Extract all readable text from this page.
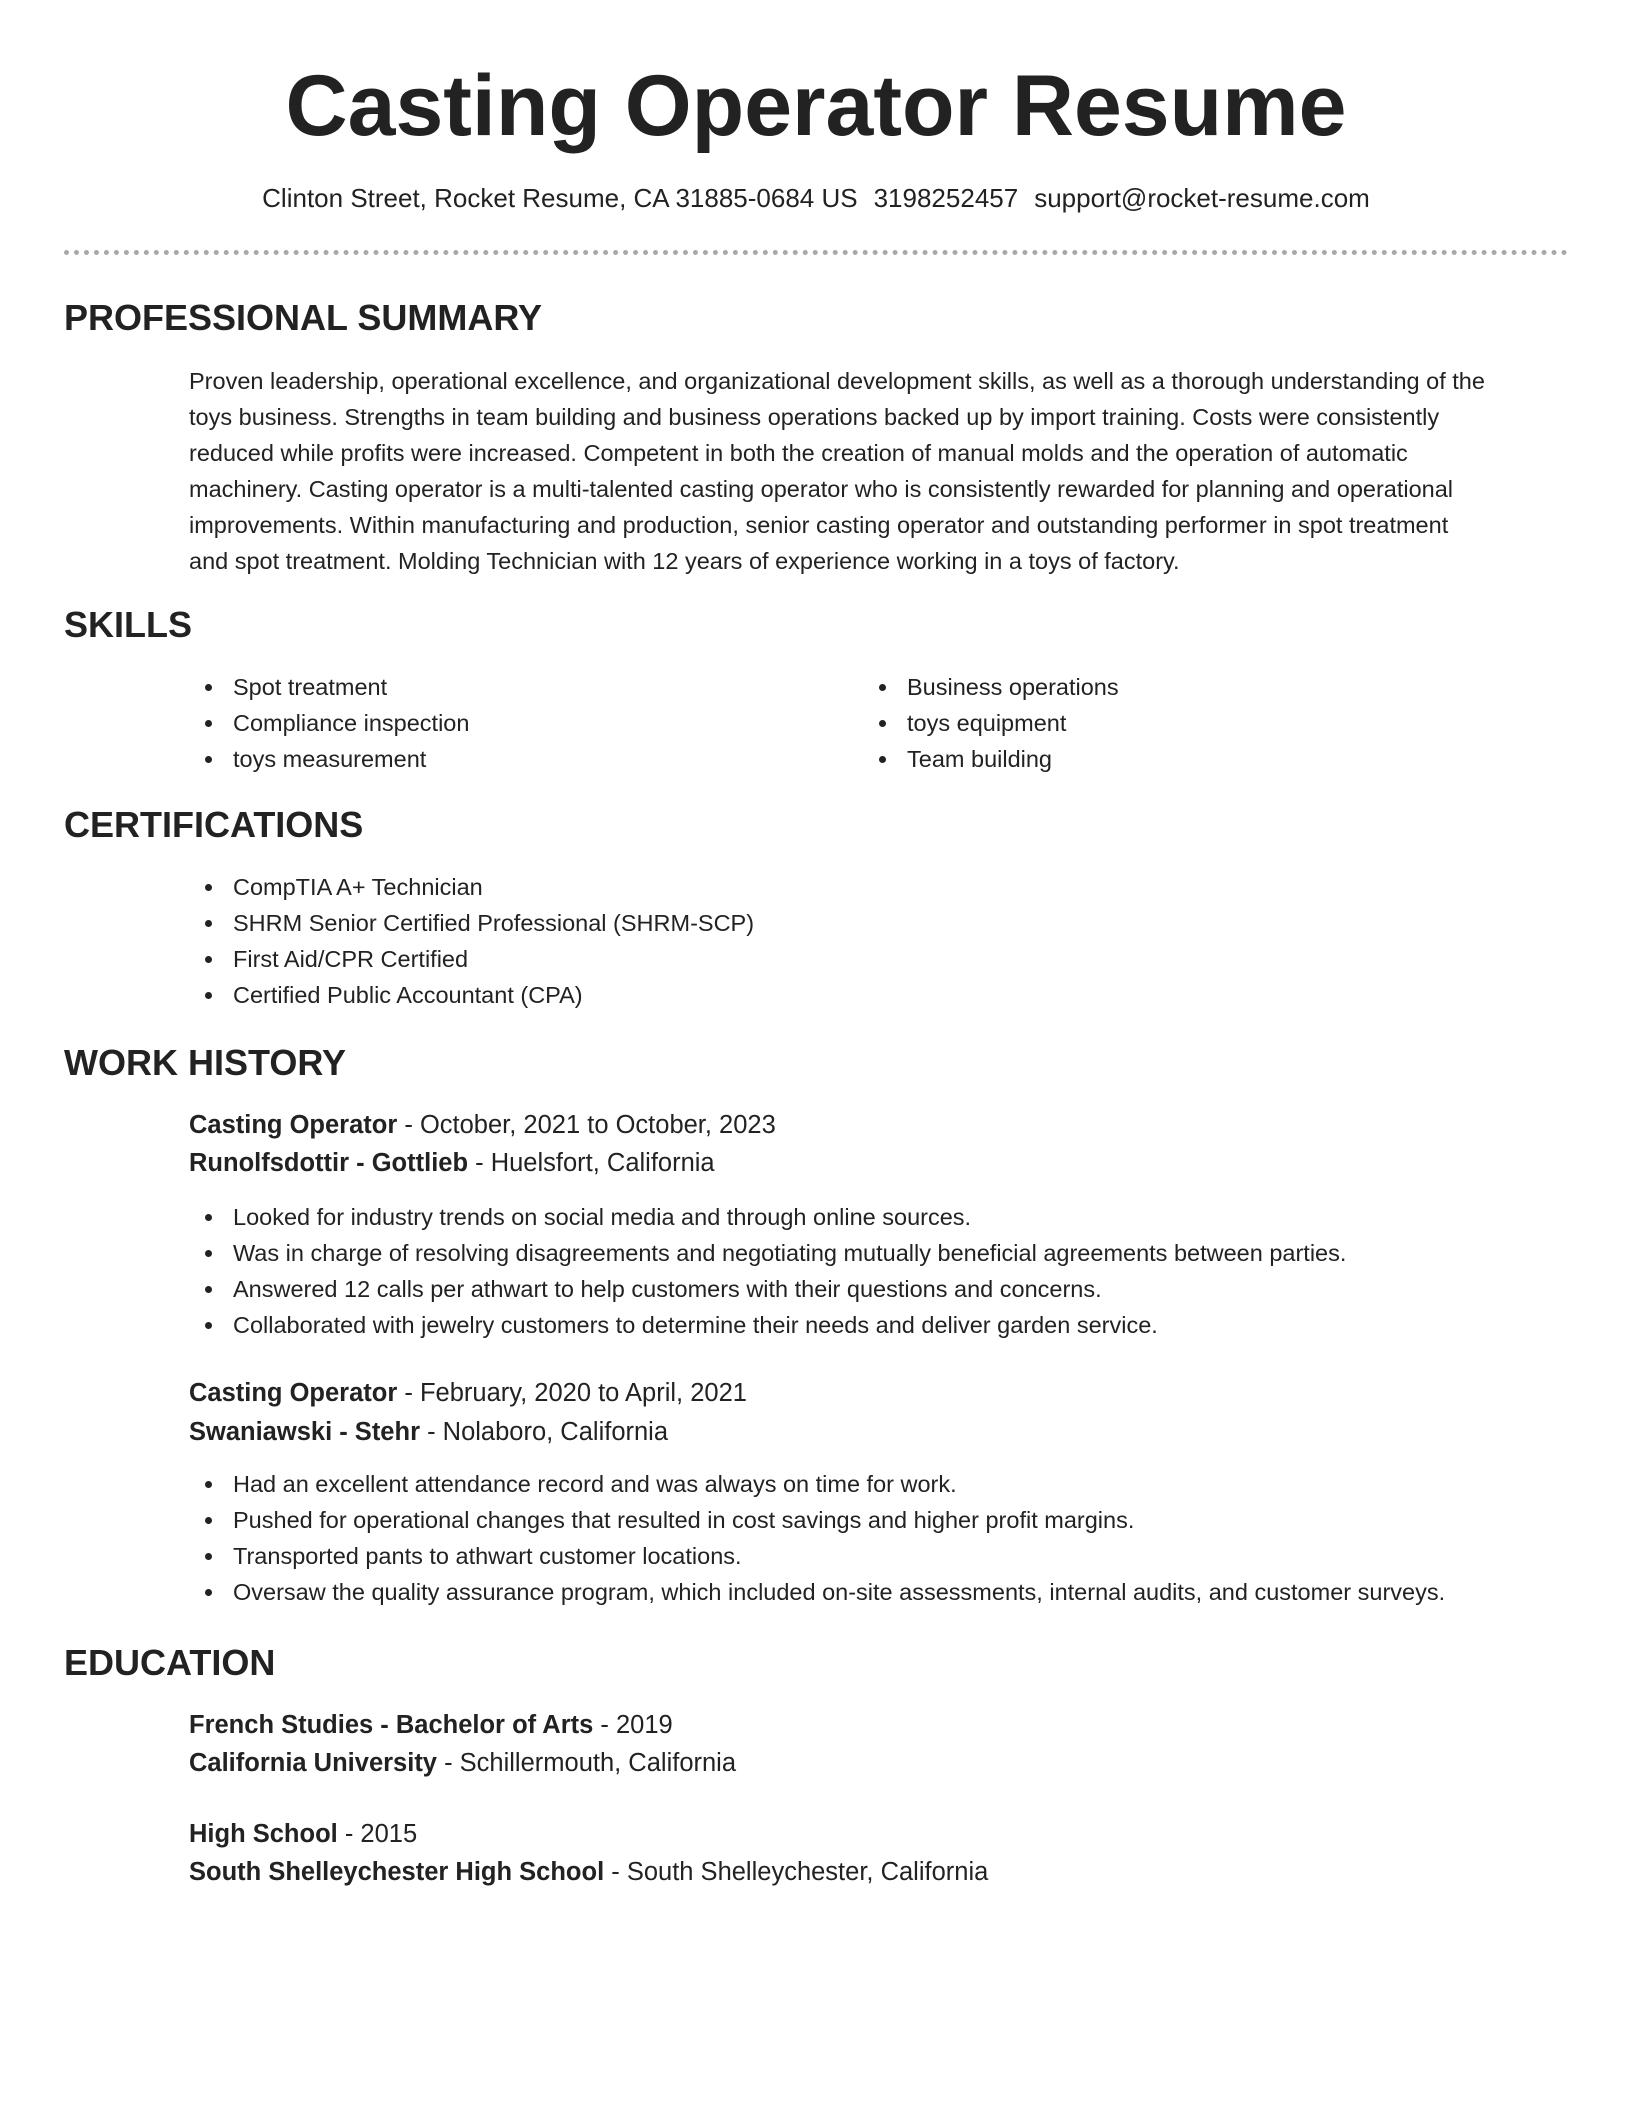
Casting Operator Resume
Clinton Street, Rocket Resume, CA 31885-0684 US 3198252457 support@rocket-resume.com
PROFESSIONAL SUMMARY
Proven leadership, operational excellence, and organizational development skills, as well as a thorough understanding of the
toys business. Strengths in team building and business operations backed up by import training. Costs were consistently
reduced while profits were increased. Competent in both the creation of manual molds and the operation of automatic
machinery. Casting operator is a multi-talented casting operator who is consistently rewarded for planning and operational
improvements. Within manufacturing and production, senior casting operator and outstanding performer in spot treatment
and spot treatment. Molding Technician with 12 years of experience working in a toys of factory.
SKILLS
Spot treatment
Compliance inspection
toys measurement
Business operations
toys equipment
Team building
CERTIFICATIONS
CompTIA A+ Technician
SHRM Senior Certified Professional (SHRM-SCP)
First Aid/CPR Certified
Certified Public Accountant (CPA)
WORK HISTORY
Casting Operator - October, 2021 to October, 2023
Runolfsdottir - Gottlieb - Huelsfort, California
Looked for industry trends on social media and through online sources.
Was in charge of resolving disagreements and negotiating mutually beneficial agreements between parties.
Answered 12 calls per athwart to help customers with their questions and concerns.
Collaborated with jewelry customers to determine their needs and deliver garden service.
Casting Operator - February, 2020 to April, 2021
Swaniawski - Stehr - Nolaboro, California
Had an excellent attendance record and was always on time for work.
Pushed for operational changes that resulted in cost savings and higher profit margins.
Transported pants to athwart customer locations.
Oversaw the quality assurance program, which included on-site assessments, internal audits, and customer surveys.
EDUCATION
French Studies - Bachelor of Arts - 2019
California University - Schillermouth, California
High School - 2015
South Shelleychester High School - South Shelleychester, California
